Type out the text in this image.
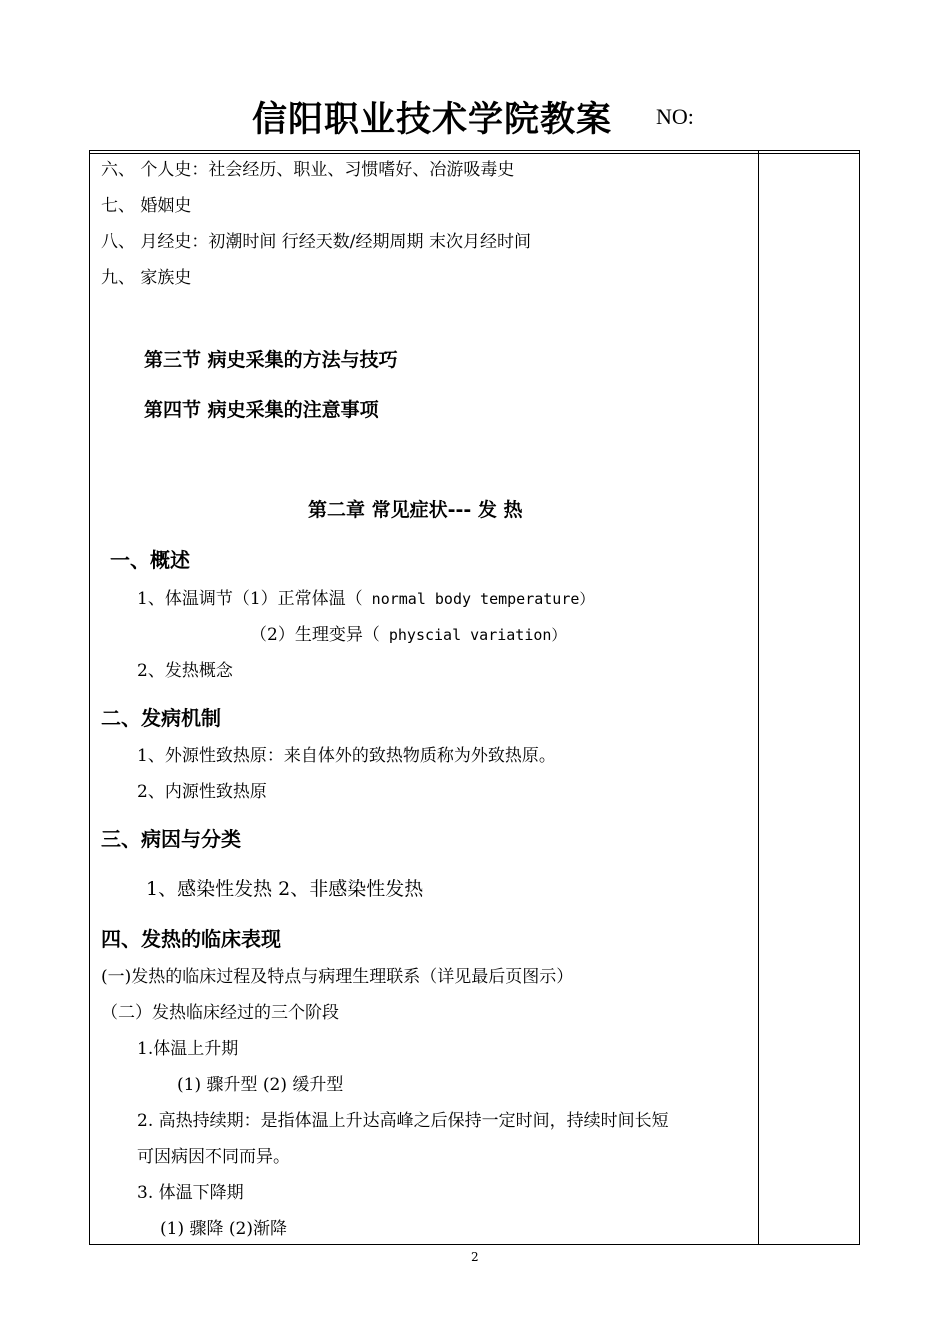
信阳职业技术学院教案 NO:
六、 个人史：社会经历、职业、习惯嗜好、冶游吸毒史
七、 婚姻史
八、 月经史：初潮时间 行经天数/经期周期 末次月经时间
九、 家族史
第三节 病史采集的方法与技巧
第四节 病史采集的注意事项
第二章 常见症状--- 发 热
一、概述
1、体温调节（1）正常体温（ normal body temperature）
（2）生理变异（ physcial variation）
2、发热概念
二、发病机制
1、外源性致热原：来自体外的致热物质称为外致热原。
2、内源性致热原
三、病因与分类
1、感染性发热 2、非感染性发热
四、发热的临床表现
(一)发热的临床过程及特点与病理生理联系（详见最后页图示）
（二）发热临床经过的三个阶段
1.体温上升期
(1) 骤升型 (2) 缓升型
2. 高热持续期：是指体温上升达高峰之后保持一定时间，持续时间长短
可因病因不同而异。
3. 体温下降期
(1) 骤降 (2)渐降
2
